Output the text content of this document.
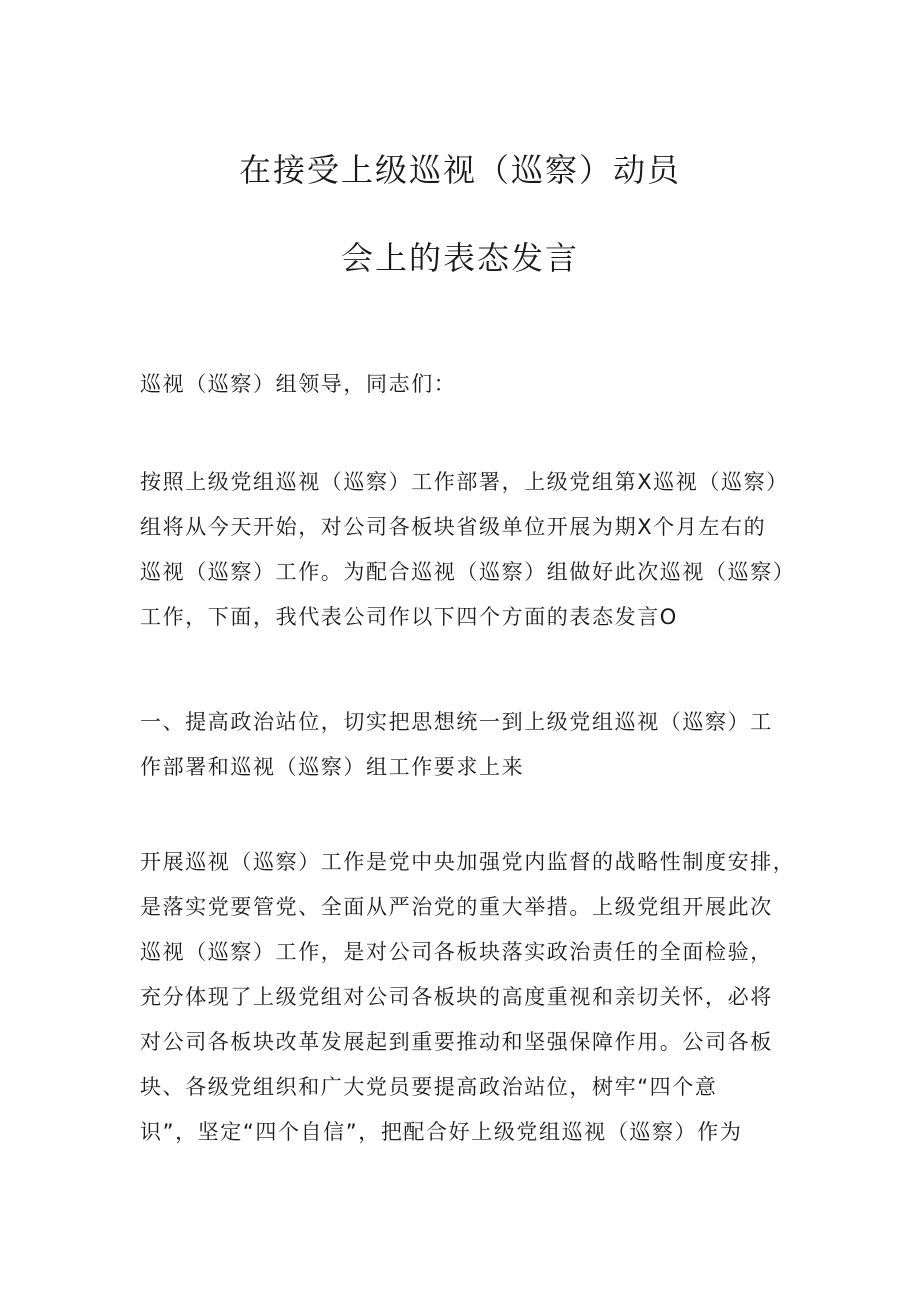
在接受上级巡视（巡察）动员
会上的表态发言

巡视（巡察）组领导，同志们：

按照上级党组巡视（巡察）工作部署，上级党组第X巡视（巡察）
组将从今天开始，对公司各板块省级单位开展为期X个月左右的
巡视（巡察）工作。为配合巡视（巡察）组做好此次巡视（巡察）
工作，下面，我代表公司作以下四个方面的表态发言O

一、提高政治站位，切实把思想统一到上级党组巡视（巡察）工
作部署和巡视（巡察）组工作要求上来

开展巡视（巡察）工作是党中央加强党内监督的战略性制度安排，
是落实党要管党、全面从严治党的重大举措。上级党组开展此次
巡视（巡察）工作，是对公司各板块落实政治责任的全面检验，
充分体现了上级党组对公司各板块的高度重视和亲切关怀，必将
对公司各板块改革发展起到重要推动和坚强保障作用。公司各板
块、各级党组织和广大党员要提高政治站位，树牢“四个意
识”，坚定“四个自信”，把配合好上级党组巡视（巡察）作为
